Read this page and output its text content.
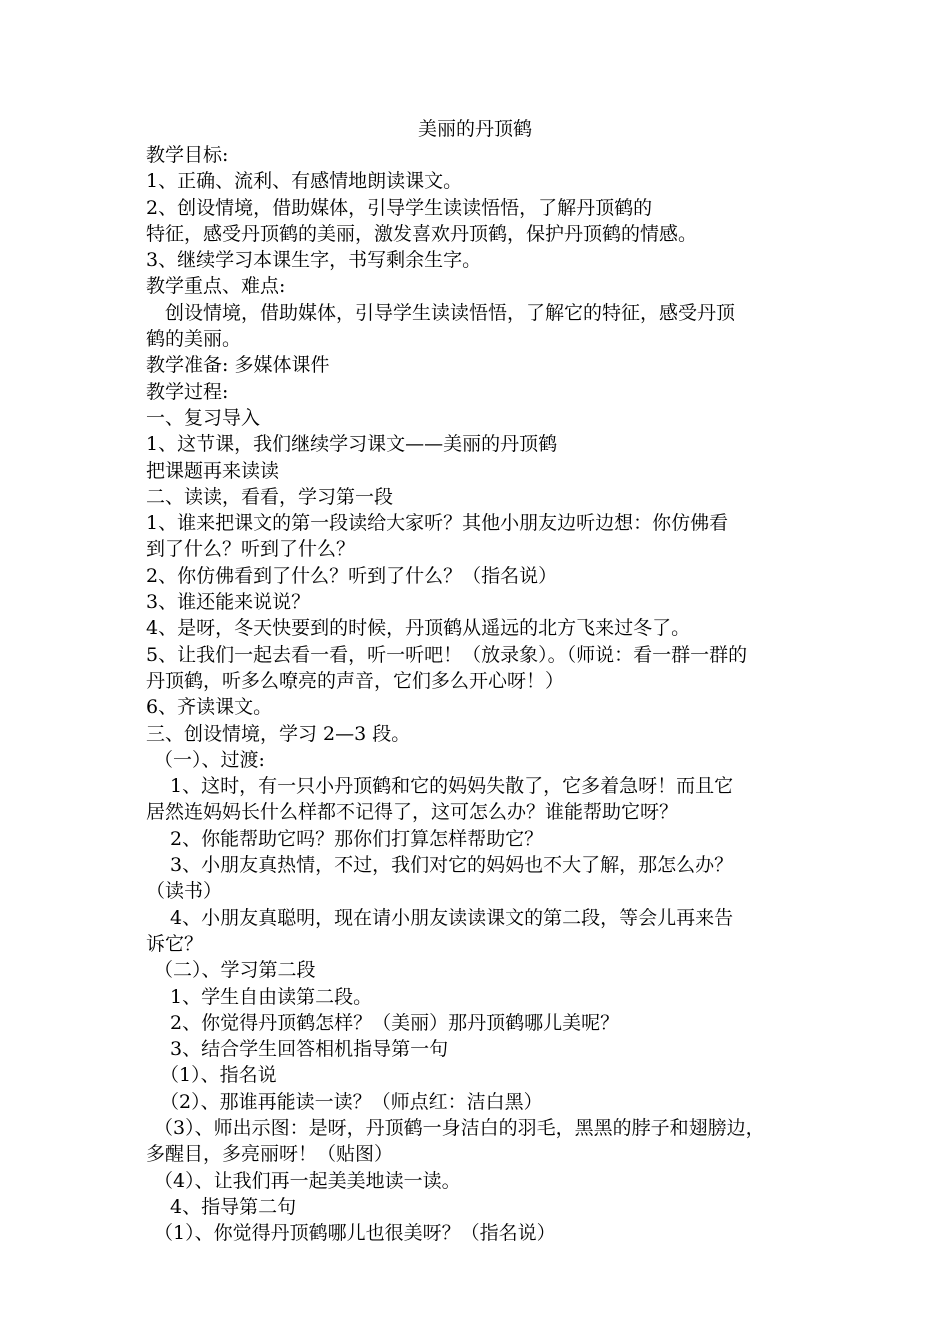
美丽的丹顶鹤
教学目标:
1、正确、流利、有感情地朗读课文。
2、创设情境，借助媒体，引导学生读读悟悟，了解丹顶鹤的
特征，感受丹顶鹤的美丽，激发喜欢丹顶鹤，保护丹顶鹤的情感。
3、继续学习本课生字，书写剩余生字。
教学重点、难点:
创设情境，借助媒体，引导学生读读悟悟，了解它的特征，感受丹顶
鹤的美丽。
教学准备: 多媒体课件
教学过程:
一、复习导入
1、这节课，我们继续学习课文——美丽的丹顶鹤
把课题再来读读
二、读读，看看，学习第一段
1、谁来把课文的第一段读给大家听？其他小朋友边听边想：你仿佛看
到了什么？听到了什么？
2、你仿佛看到了什么？听到了什么？（指名说）
3、谁还能来说说？
4、是呀，冬天快要到的时候，丹顶鹤从遥远的北方飞来过冬了。
5、让我们一起去看一看，听一听吧！（放录象）。（师说：看一群一群的
丹顶鹤，听多么嘹亮的声音，它们多么开心呀！）
6、齐读课文。
三、创设情境，学习 2—3 段。
（一）、过渡:
1、这时，有一只小丹顶鹤和它的妈妈失散了，它多着急呀！而且它
居然连妈妈长什么样都不记得了，这可怎么办？谁能帮助它呀？
2、你能帮助它吗？那你们打算怎样帮助它？
3、小朋友真热情，不过，我们对它的妈妈也不大了解，那怎么办？
（读书）
4、小朋友真聪明，现在请小朋友读读课文的第二段，等会儿再来告
诉它？
（二）、学习第二段
1、学生自由读第二段。
2、你觉得丹顶鹤怎样？（美丽）那丹顶鹤哪儿美呢？
3、结合学生回答相机指导第一句
（1）、指名说
（2）、那谁再能读一读？（师点红：洁白黑）
（3）、师出示图：是呀，丹顶鹤一身洁白的羽毛，黑黑的脖子和翅膀边，
多醒目，多亮丽呀！（贴图）
（4）、让我们再一起美美地读一读。
4、指导第二句
（1）、你觉得丹顶鹤哪儿也很美呀？（指名说）
